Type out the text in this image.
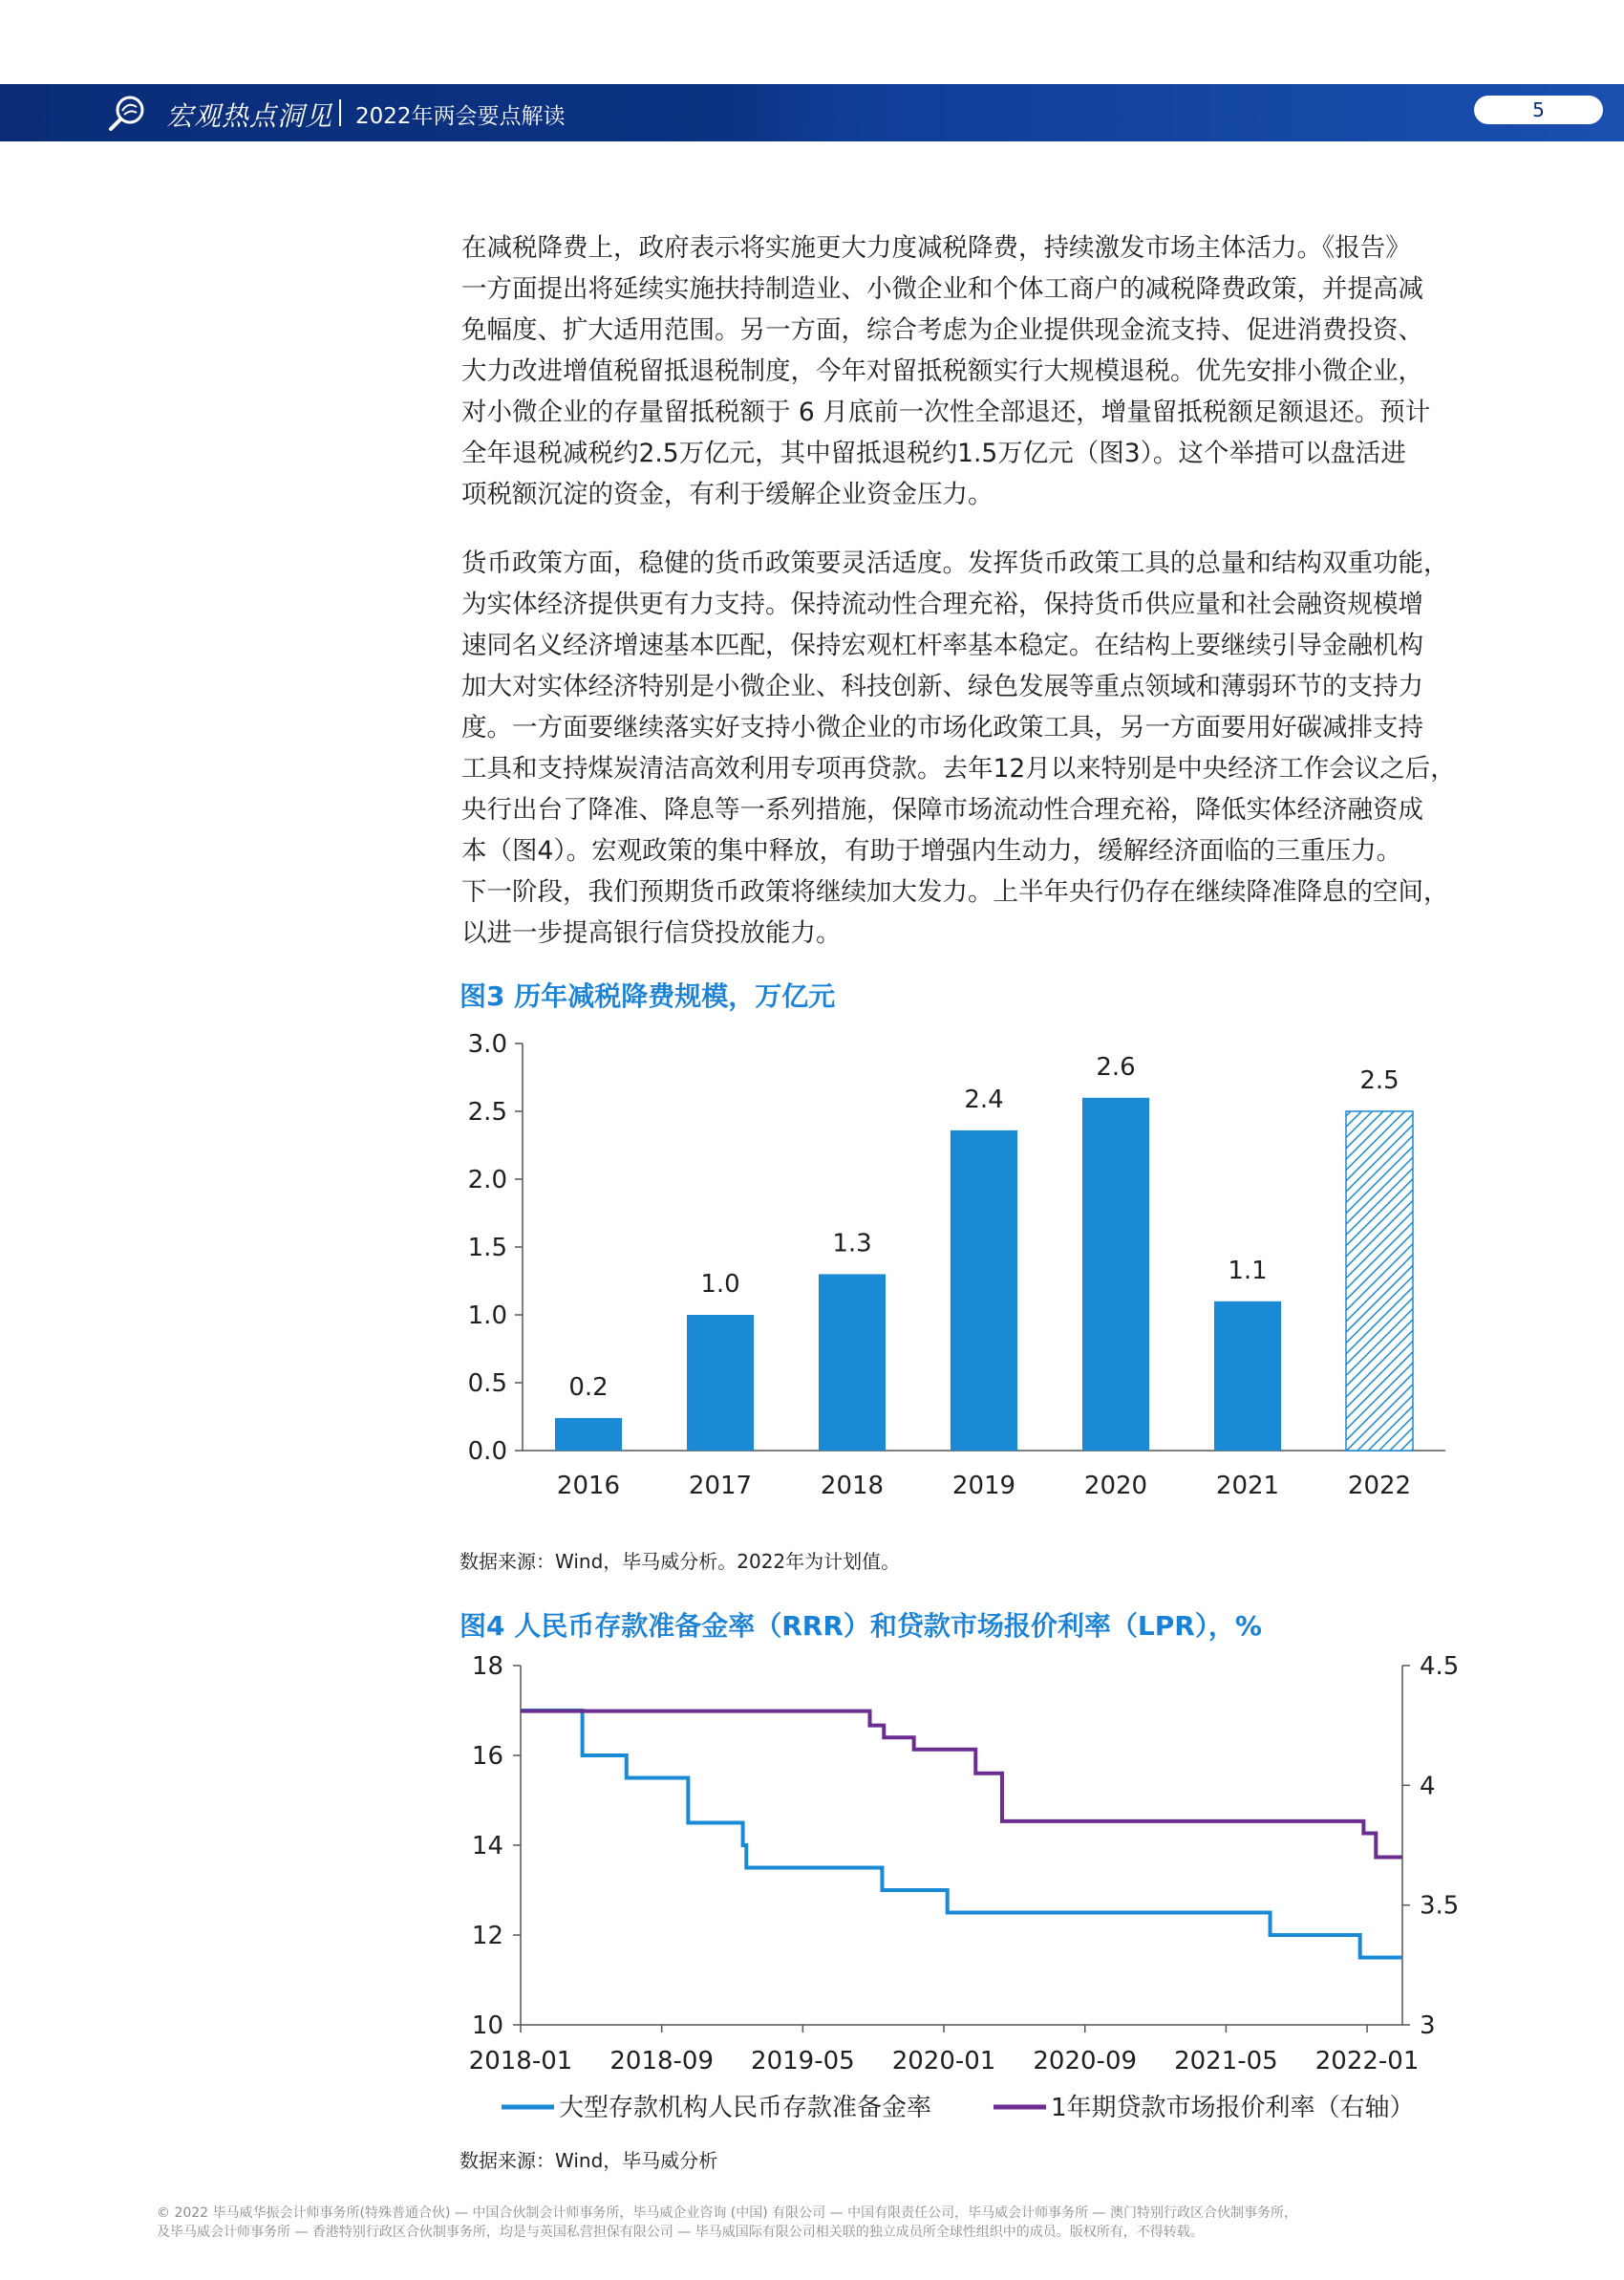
宏观热点洞见 2022年两会要点解读	5
在减税降费上，政府表示将实施更大力度减税降费，持续激发市场主体活力。《报告》
一方面提出将延续实施扶持制造业、小微企业和个体工商户的减税降费政策，并提高减
免幅度、扩大适用范围。另一方面，综合考虑为企业提供现金流支持、促进消费投资、
大力改进增值税留抵退税制度，今年对留抵税额实行大规模退税。优先安排小微企业，
对小微企业的存量留抵税额于 6 月底前一次性全部退还，增量留抵税额足额退还。预计
全年退税减税约2.5万亿元，其中留抵退税约1.5万亿元（图3）。这个举措可以盘活进
项税额沉淀的资金，有利于缓解企业资金压力。
货币政策方面，稳健的货币政策要灵活适度。发挥货币政策工具的总量和结构双重功能，
为实体经济提供更有力支持。保持流动性合理充裕，保持货币供应量和社会融资规模增
速同名义经济增速基本匹配，保持宏观杠杆率基本稳定。在结构上要继续引导金融机构
加大对实体经济特别是小微企业、科技创新、绿色发展等重点领域和薄弱环节的支持力
度。一方面要继续落实好支持小微企业的市场化政策工具，另一方面要用好碳减排支持
工具和支持煤炭清洁高效利用专项再贷款。去年12月以来特别是中央经济工作会议之后，
央行出台了降准、降息等一系列措施，保障市场流动性合理充裕，降低实体经济融资成
本（图4）。宏观政策的集中释放，有助于增强内生动力，缓解经济面临的三重压力。
下一阶段，我们预期货币政策将继续加大发力。上半年央行仍存在继续降准降息的空间，
以进一步提高银行信贷投放能力。
图3 历年减税降费规模，万亿元
0.0
0.5
1.0
1.5
2.0
2.5
3.0
0.2
2016
1.0
2017
1.3
2018
2.4
2019
2.6
2020
1.1
2021
2.5
2022
数据来源：Wind，毕马威分析。2022年为计划值。
图4 人民币存款准备金率（RRR）和贷款市场报价利率（LPR），%
10
12
14
16
18
3
3.5
4
4.5
2018-01 2018-09 2019-05 2020-01 2020-09 2021-05 2022-01
大型存款机构人民币存款准备金率	1年期贷款市场报价利率（右轴）
数据来源：Wind，毕马威分析
© 2022 毕马威华振会计师事务所(特殊普通合伙) — 中国合伙制会计师事务所，毕马威企业咨询 (中国) 有限公司 — 中国有限责任公司，毕马威会计师事务所 — 澳门特别行政区合伙制事务所，
及毕马威会计师事务所 — 香港特别行政区合伙制事务所，均是与英国私营担保有限公司 — 毕马威国际有限公司相关联的独立成员所全球性组织中的成员。版权所有，不得转载。
